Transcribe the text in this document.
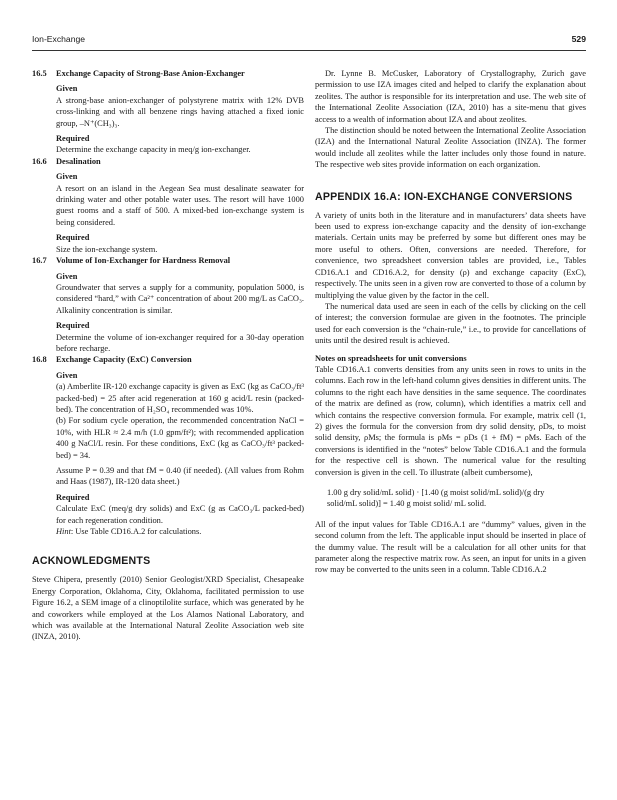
Ion-Exchange	529
16.5 Exchange Capacity of Strong-Base Anion-Exchanger

Given

A strong-base anion-exchanger of polystyrene matrix with 12% DVB cross-linking and with all benzene rings having attached a fixed ionic group, –N⁺(CH₃)₃.

Required

Determine the exchange capacity in meq/g ion-exchanger.

16.6 Desalination

Given

A resort on an island in the Aegean Sea must desalinate seawater for drinking water and other potable water uses. The resort will have 1000 guest rooms and a staff of 500. A mixed-bed ion-exchange system is being considered.

Required

Size the ion-exchange system.

16.7 Volume of Ion-Exchanger for Hardness Removal

Given

Groundwater that serves a supply for a community, population 5000, is considered “hard,” with Ca²⁺ concentration of about 200 mg/L as CaCO₃. Alkalinity concentration is similar.

Required

Determine the volume of ion-exchanger required for a 30-day operation before recharge.

16.8 Exchange Capacity (ExC) Conversion

Given

(a) Amberlite IR-120 exchange capacity is given as ExC (kg as CaCO₃/ft³ packed-bed) = 25 after acid regeneration at 160 g acid/L resin (packed-bed). The concentration of H₂SO₄ recommended was 10%.

(b) For sodium cycle operation, the recommended concentration NaCl = 10%, with HLR ≈ 2.4 m/h (1.0 gpm/ft²); with recommended application 400 g NaCl/L resin. For these conditions, ExC (kg as CaCO₃/ft³ packed-bed) = 34.

Assume P = 0.39 and that fM = 0.40 (if needed). (All values from Rohm and Haas (1987), IR-120 data sheet.)

Required

Calculate ExC (meq/g dry solids) and ExC (g as CaCO₃/L packed-bed) for each regeneration condition.

Hint: Use Table CD16.A.2 for calculations.

ACKNOWLEDGMENTS

Steve Chipera, presently (2010) Senior Geologist/XRD Specialist, Chesapeake Energy Corporation, Oklahoma, City, Oklahoma, facilitated permission to use Figure 16.2, a SEM image of a clinoptilolite surface, which was generated by he and coworkers while employed at the Los Alamos National Laboratory, and which was available at the International Natural Zeolite Association web site (INZA, 2010).

Dr. Lynne B. McCusker, Laboratory of Crystallography, Zurich gave permission to use IZA images cited and helped to clarify the explanation about zeolites. The author is responsible for its interpretation and use. The web site of the International Zeolite Association (IZA, 2010) has a site-menu that gives access to a wealth of information about IZA and about zeolites.

The distinction should be noted between the International Zeolite Association (IZA) and the International Natural Zeolite Association (INZA). The former would include all zeolites while the latter includes only those found in nature. The respective web sites provide information on each organization.

APPENDIX 16.A: ION-EXCHANGE CONVERSIONS

A variety of units both in the literature and in manufacturers’ data sheets have been used to express ion-exchange capacity and the density of ion-exchange materials. Certain units may be preferred by some but different ones may be more useful to others. Often, conversions are needed. Therefore, for convenience, two spreadsheet conversion tables are provided, i.e., Tables CD16.A.1 and CD16.A.2, for density (ρ) and exchange capacity (ExC), respectively. The units seen in a given row are converted to those of a column by multiplying the value given by the factor in the cell.

The numerical data used are seen in each of the cells by clicking on the cell of interest; the conversion formulae are given in the footnotes. The principle used for each conversion is the “chain-rule,” i.e., to provide for cancellations of units until the desired result is achieved.

Notes on spreadsheets for unit conversions

Table CD16.A.1 converts densities from any units seen in rows to units in the columns. Each row in the left-hand column gives densities in different units. The columns to the right each have densities in the same sequence. The coordinates of the matrix are defined as (row, column), which identifies a matrix cell and which contains the respective conversion formula. For example, matrix cell (1, 2) gives the formula for the conversion from dry solid density, ρDs, to moist solid density, ρMs; the formula is ρMs = ρDs (1 + fM) = ρMs. Each of the conversions is identified in the “notes” below Table CD16.A.1 and the formula for the respective cell is shown. The numerical value for the resulting conversion is given in the cell. To illustrate (albeit cumbersome),

1.00 g dry solid/mL solid) · [1.40 (g moist solid/mL solid)/(g dry solid/mL solid)] = 1.40 g moist solid/ mL solid.

All of the input values for Table CD16.A.1 are “dummy” values, given in the second column from the left. The applicable input should be inserted in place of the dummy value. The result will be a calculation for all other units for that parameter along the respective matrix row. As seen, an input for units in a given row may be converted to the units seen in a column. Table CD16.A.2
